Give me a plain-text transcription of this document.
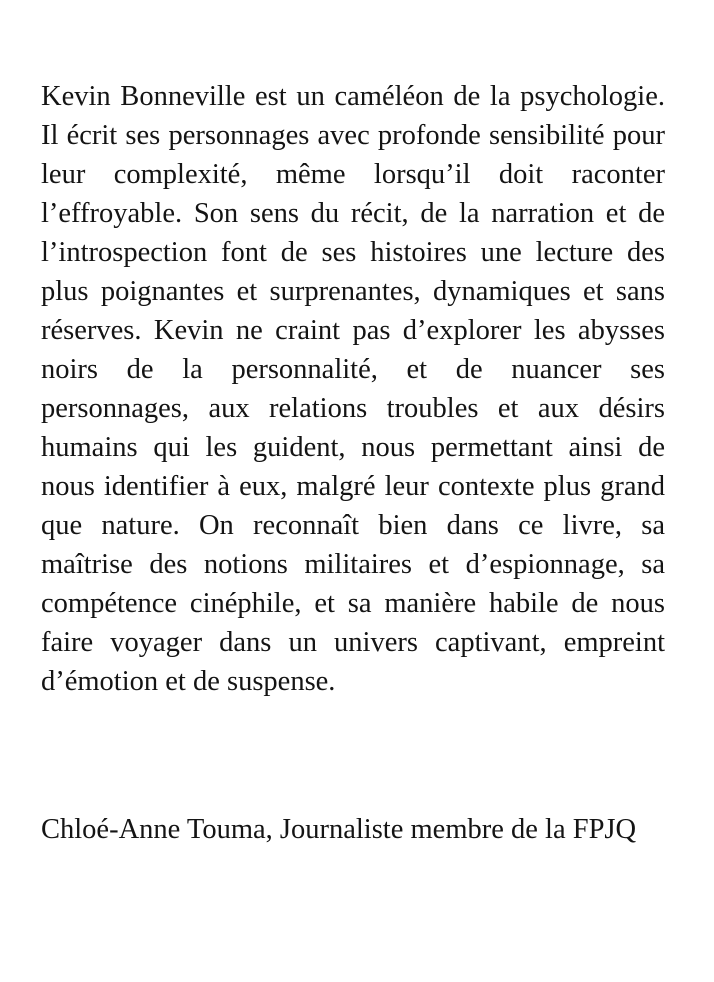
Kevin Bonneville est un caméléon de la psychologie. Il écrit ses personnages avec profonde sensibilité pour leur complexité, même lorsqu’il doit raconter l’effroyable. Son sens du récit, de la narration et de l’introspection font de ses histoires une lecture des plus poignantes et surprenantes, dynamiques et sans réserves. Kevin ne craint pas d’explorer les abysses noirs de la personnalité, et de nuancer ses personnages, aux relations troubles et aux désirs humains qui les guident, nous permettant ainsi de nous identifier à eux, malgré leur contexte plus grand que nature. On reconnaît bien dans ce livre, sa maîtrise des notions militaires et d’espionnage, sa compétence cinéphile, et sa manière habile de nous faire voyager dans un univers captivant, empreint d’émotion et de suspense.

Chloé-Anne Touma, Journaliste membre de la FPJQ
